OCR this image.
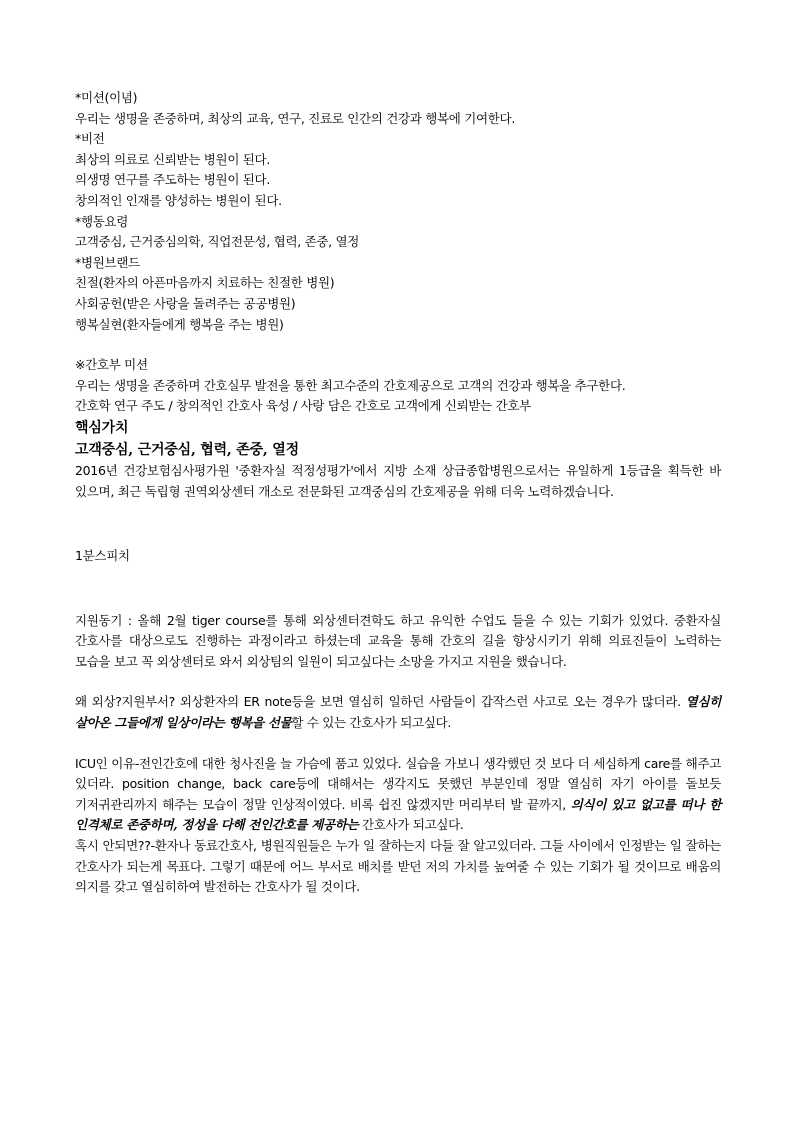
*미션(이념)
우리는 생명을 존중하며, 최상의 교육, 연구, 진료로 인간의 건강과 행복에 기여한다.
*비전
최상의 의료로 신뢰받는 병원이 된다.
의생명 연구를 주도하는 병원이 된다.
창의적인 인재를 양성하는 병원이 된다.
*행동요령
고객중심, 근거중심의학, 직업전문성, 협력, 존중, 열정
*병원브랜드
친절(환자의 아픈마음까지 치료하는 친절한 병원)
사회공헌(받은 사랑을 돌려주는 공공병원)
행복실현(환자들에게 행복을 주는 병원)
※간호부 미션
우리는 생명을 존중하며 간호실무 발전을 통한 최고수준의 간호제공으로 고객의 건강과 행복을 추구한다.
간호학 연구 주도 / 창의적인 간호사 육성 / 사랑 담은 간호로 고객에게 신뢰받는 간호부
핵심가치
고객중심, 근거중심, 협력, 존중, 열정
2016년 건강보험심사평가원 '중환자실 적정성평가'에서 지방 소재 상급종합병원으로서는 유일하게 1등급을 획득한 바 있으며, 최근 독립형 권역외상센터 개소로 전문화된 고객중심의 간호제공을 위해 더욱 노력하겠습니다.
1분스피치
지원동기 : 올해 2월 tiger course를 통해 외상센터견학도 하고 유익한 수업도 들을 수 있는 기회가 있었다. 중환자실 간호사를 대상으로도 진행하는 과정이라고 하셨는데 교육을 통해 간호의 길을 향상시키기 위해 의료진들이 노력하는 모습을 보고 꼭 외상센터로 와서 외상팀의 일원이 되고싶다는 소망을 가지고 지원을 했습니다.
왜 외상?지원부서? 외상환자의 ER note등을 보면 열심히 일하던 사람들이 갑작스런 사고로 오는 경우가 많더라. 열심히 살아온 그들에게 일상이라는 행복을 선물할 수 있는 간호사가 되고싶다.
ICU인 이유-전인간호에 대한 청사진을 늘 가슴에 품고 있었다. 실습을 가보니 생각했던 것 보다 더 세심하게 care를 해주고 있더라. position change, back care등에 대해서는 생각지도 못했던 부분인데 정말 열심히 자기 아이를 돌보듯 기저귀관리까지 해주는 모습이 정말 인상적이였다. 비록 쉽진 않겠지만 머리부터 발 끝까지, 의식이 있고 없고를 떠나 한 인격체로 존중하며, 정성을 다해 전인간호를 제공하는 간호사가 되고싶다.
혹시 안되면??-환자나 동료간호사, 병원직원들은 누가 일 잘하는지 다들 잘 알고있더라. 그들 사이에서 인정받는 일 잘하는 간호사가 되는게 목표다. 그렇기 때문에 어느 부서로 배치를 받던 저의 가치를 높여줄 수 있는 기회가 될 것이므로 배움의 의지를 갖고 열심히하여 발전하는 간호사가 될 것이다.
